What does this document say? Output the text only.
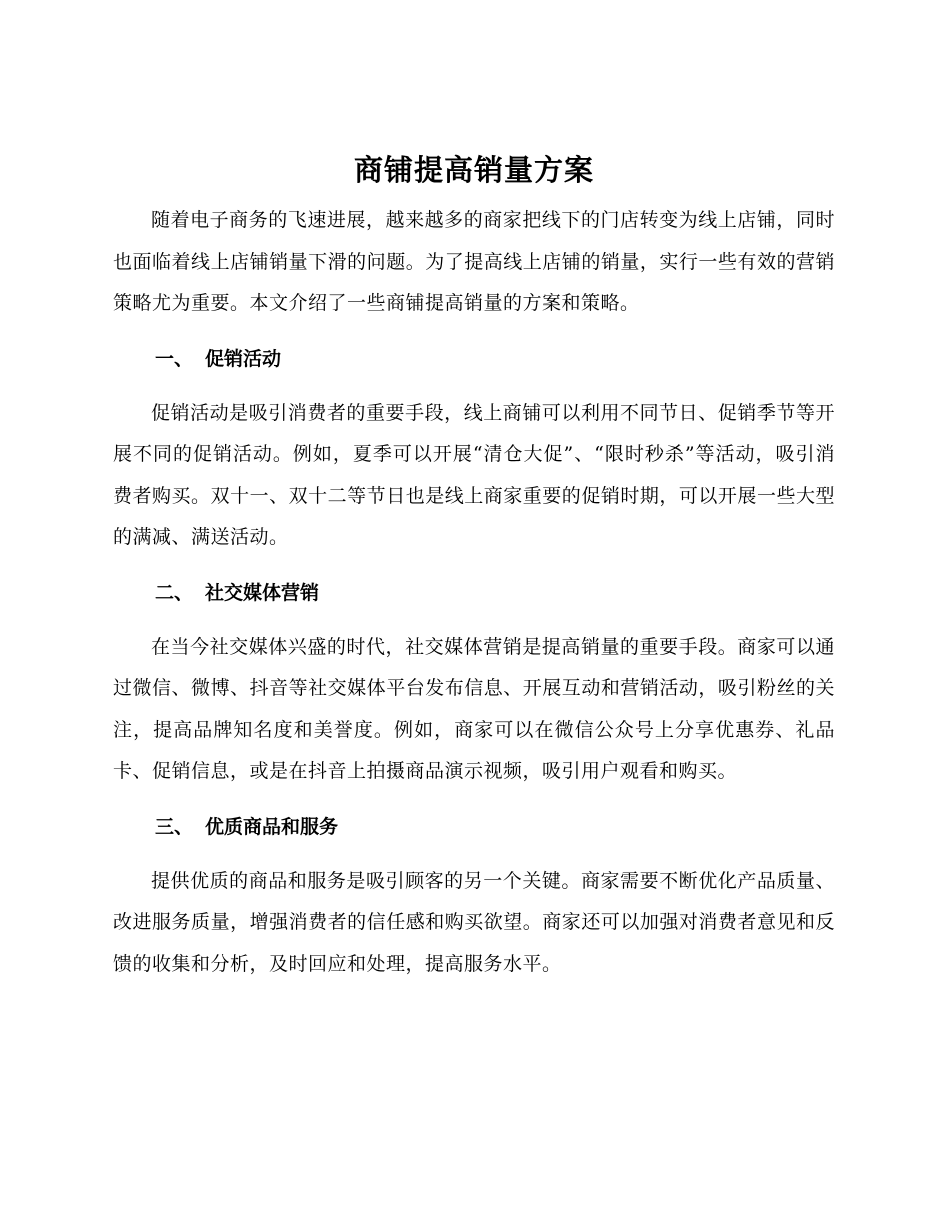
商铺提高销量方案

随着电子商务的飞速进展，越来越多的商家把线下的门店转变为线上店铺，同时也面临着线上店铺销量下滑的问题。为了提高线上店铺的销量，实行一些有效的营销策略尤为重要。本文介绍了一些商铺提高销量的方案和策略。

一、 促销活动

促销活动是吸引消费者的重要手段，线上商铺可以利用不同节日、促销季节等开展不同的促销活动。例如，夏季可以开展“清仓大促”、“限时秒杀”等活动，吸引消费者购买。双十一、双十二等节日也是线上商家重要的促销时期，可以开展一些大型的满减、满送活动。

二、 社交媒体营销

在当今社交媒体兴盛的时代，社交媒体营销是提高销量的重要手段。商家可以通过微信、微博、抖音等社交媒体平台发布信息、开展互动和营销活动，吸引粉丝的关注，提高品牌知名度和美誉度。例如，商家可以在微信公众号上分享优惠券、礼品卡、促销信息，或是在抖音上拍摄商品演示视频，吸引用户观看和购买。

三、 优质商品和服务

提供优质的商品和服务是吸引顾客的另一个关键。商家需要不断优化产品质量、改进服务质量，增强消费者的信任感和购买欲望。商家还可以加强对消费者意见和反馈的收集和分析，及时回应和处理，提高服务水平。
